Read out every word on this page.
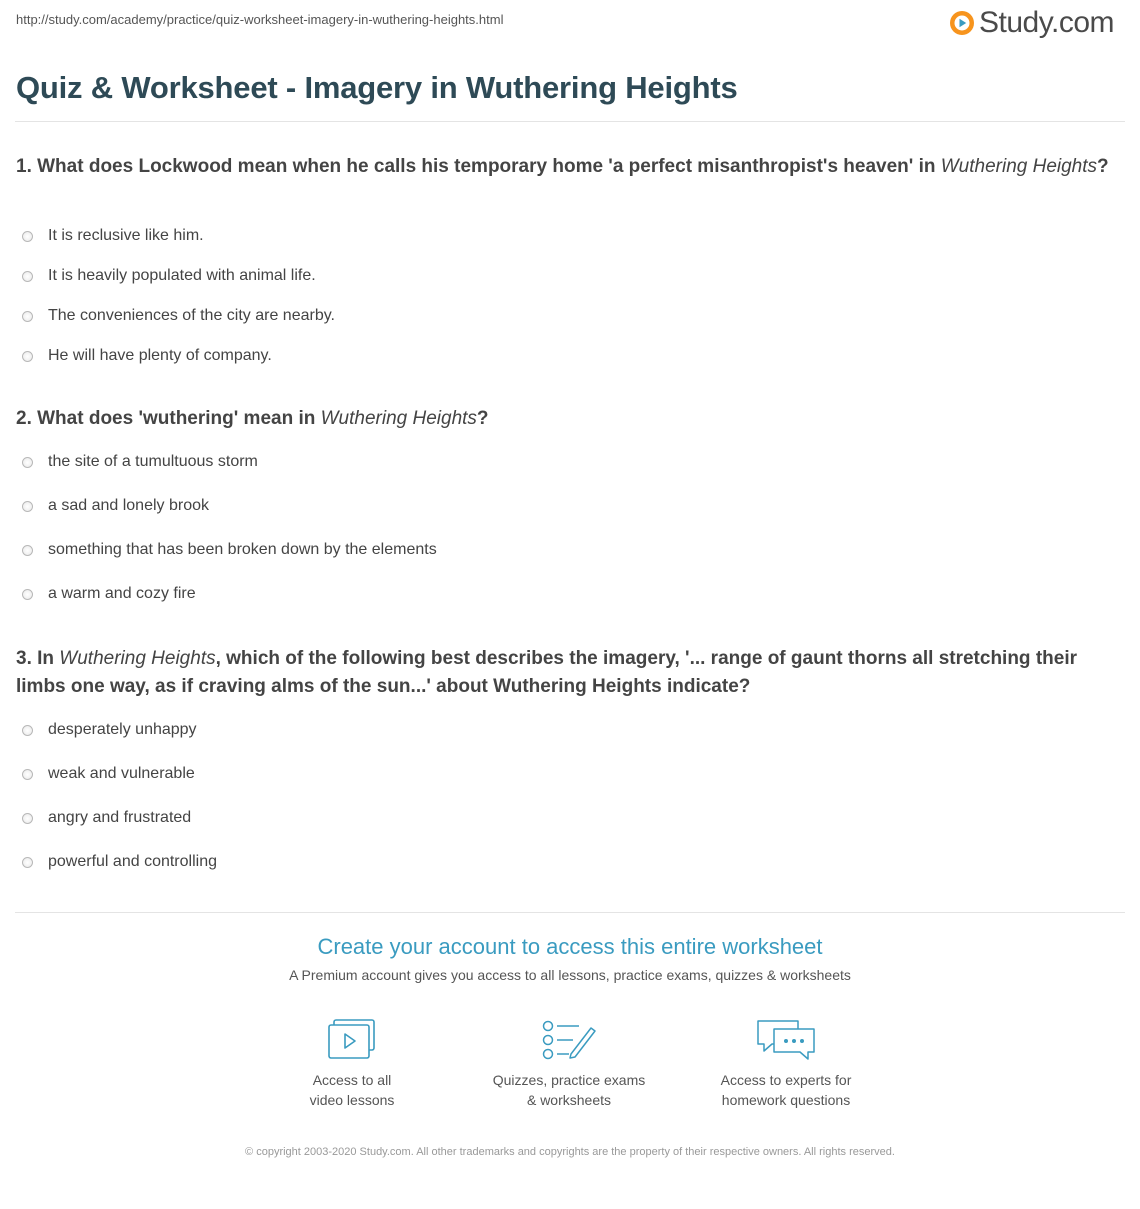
http://study.com/academy/practice/quiz-worksheet-imagery-in-wuthering-heights.html	Study.com
Quiz & Worksheet - Imagery in Wuthering Heights

1. What does Lockwood mean when he calls his temporary home 'a perfect misanthropist's heaven' in Wuthering Heights?

It is reclusive like him.
It is heavily populated with animal life.
The conveniences of the city are nearby.
He will have plenty of company.

2. What does 'wuthering' mean in Wuthering Heights?

the site of a tumultuous storm
a sad and lonely brook
something that has been broken down by the elements
a warm and cozy fire

3. In Wuthering Heights, which of the following best describes the imagery, '... range of gaunt thorns all stretching their limbs one way, as if craving alms of the sun...' about Wuthering Heights indicate?

desperately unhappy
weak and vulnerable
angry and frustrated
powerful and controlling
Create your account to access this entire worksheet
A Premium account gives you access to all lessons, practice exams, quizzes & worksheets
Access to all
video lessons
Quizzes, practice exams
& worksheets
Access to experts for
homework questions
© copyright 2003-2020 Study.com. All other trademarks and copyrights are the property of their respective owners. All rights reserved.
